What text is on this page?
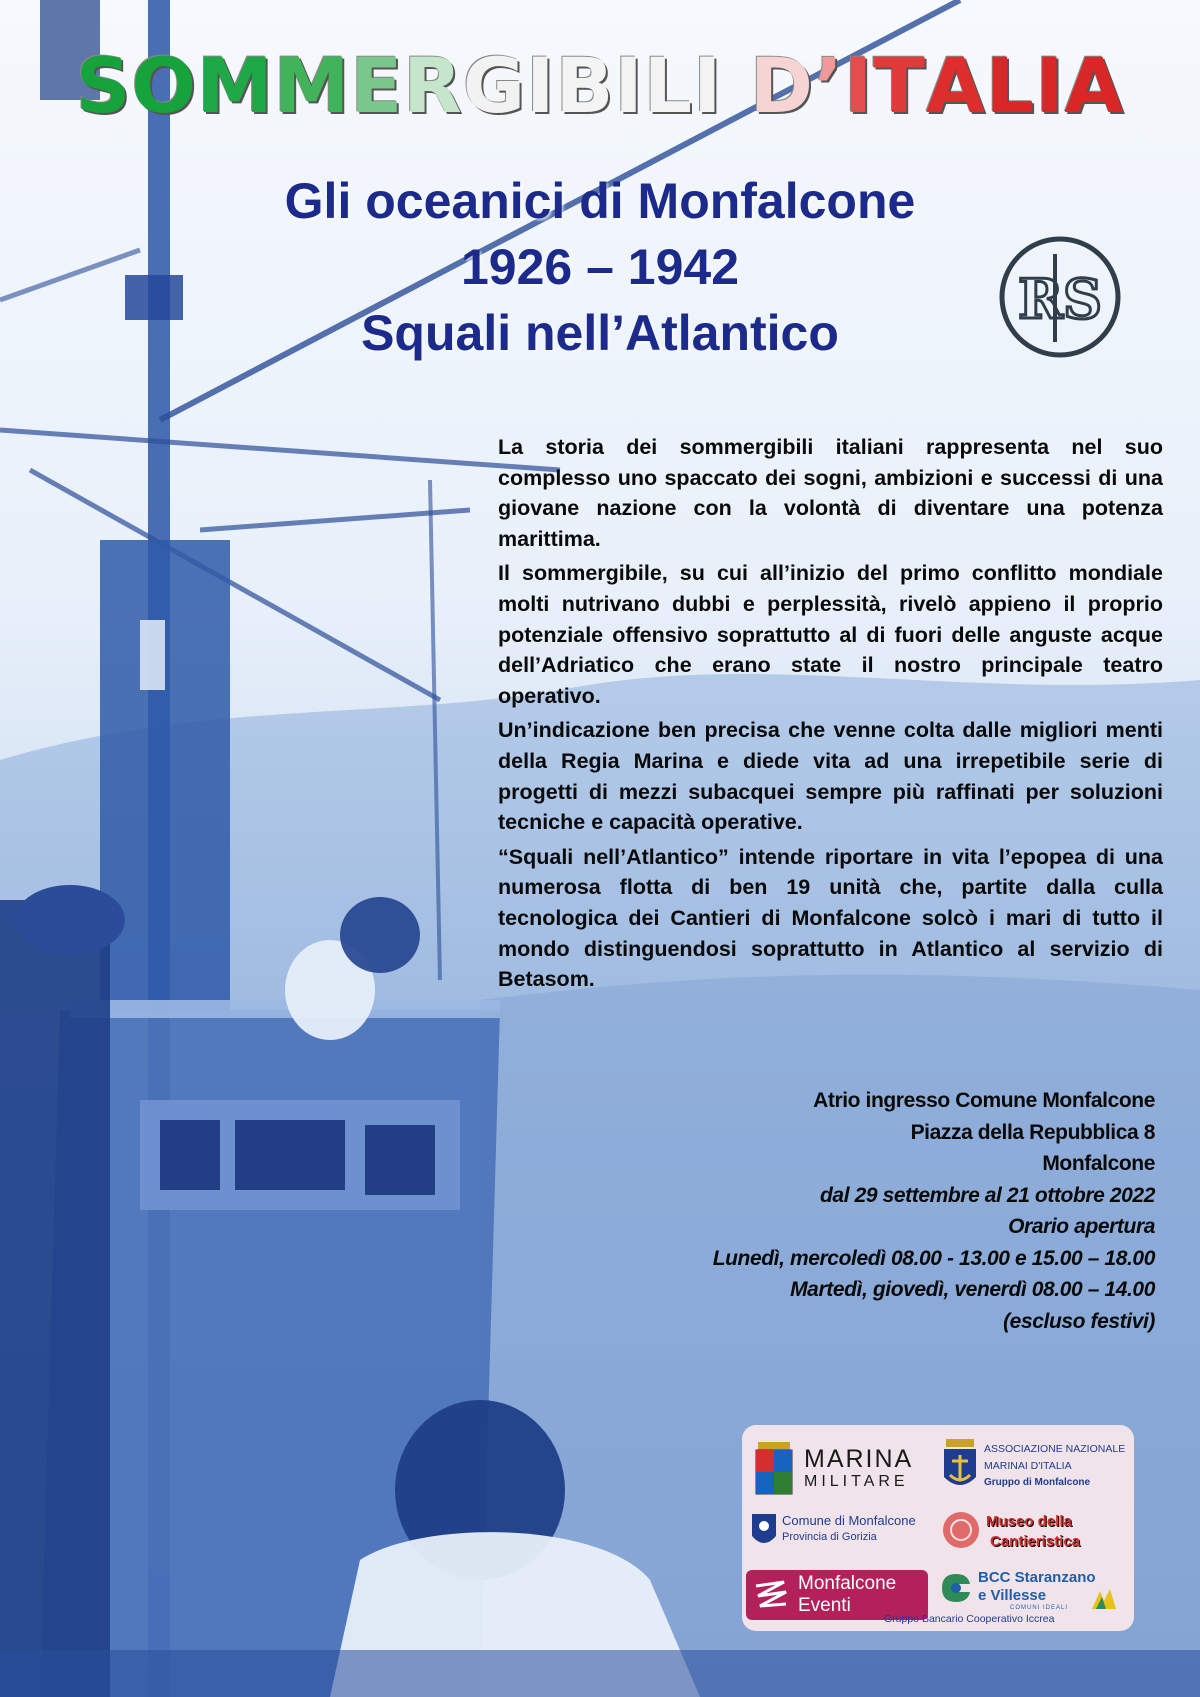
SOMMERGIBILI D’ITALIA
Gli oceanici di Monfalcone
1926 – 1942
Squali nell’Atlantico
RS

La storia dei sommergibili italiani rappresenta nel suo complesso uno spaccato dei sogni, ambizioni e successi di una giovane nazione con la volontà di diventare una potenza marittima.

Il sommergibile, su cui all’inizio del primo conflitto mondiale molti nutrivano dubbi e perplessità, rivelò appieno il proprio potenziale offensivo soprattutto al di fuori delle anguste acque dell’Adriatico che erano state il nostro principale teatro operativo.

Un’indicazione ben precisa che venne colta dalle migliori menti della Regia Marina e diede vita ad una irrepetibile serie di progetti di mezzi subacquei sempre più raffinati per soluzioni tecniche e capacità operative.

“Squali nell’Atlantico” intende riportare in vita l’epopea di una numerosa flotta di ben 19 unità che, partite dalla culla tecnologica dei Cantieri di Monfalcone solcò i mari di tutto il mondo distinguendosi soprattutto in Atlantico al servizio di Betasom.

Atrio ingresso Comune Monfalcone
Piazza della Repubblica 8
Monfalcone
dal 29 settembre al 21 ottobre 2022
Orario apertura
Lunedì, mercoledì 08.00 - 13.00 e 15.00 – 18.00
Martedì, giovedì, venerdì 08.00 – 14.00
(escluso festivi)
MARINA
MILITARE
ASSOCIAZIONE NAZIONALE
MARINAI D'ITALIA
Gruppo di Monfalcone
Comune di Monfalcone
Provincia di Gorizia
Museo della
Cantieristica
Monfalcone
Eventi
BCC Staranzano
e Villesse
COMUNI IDEALI
Gruppo Bancario Cooperativo Iccrea
